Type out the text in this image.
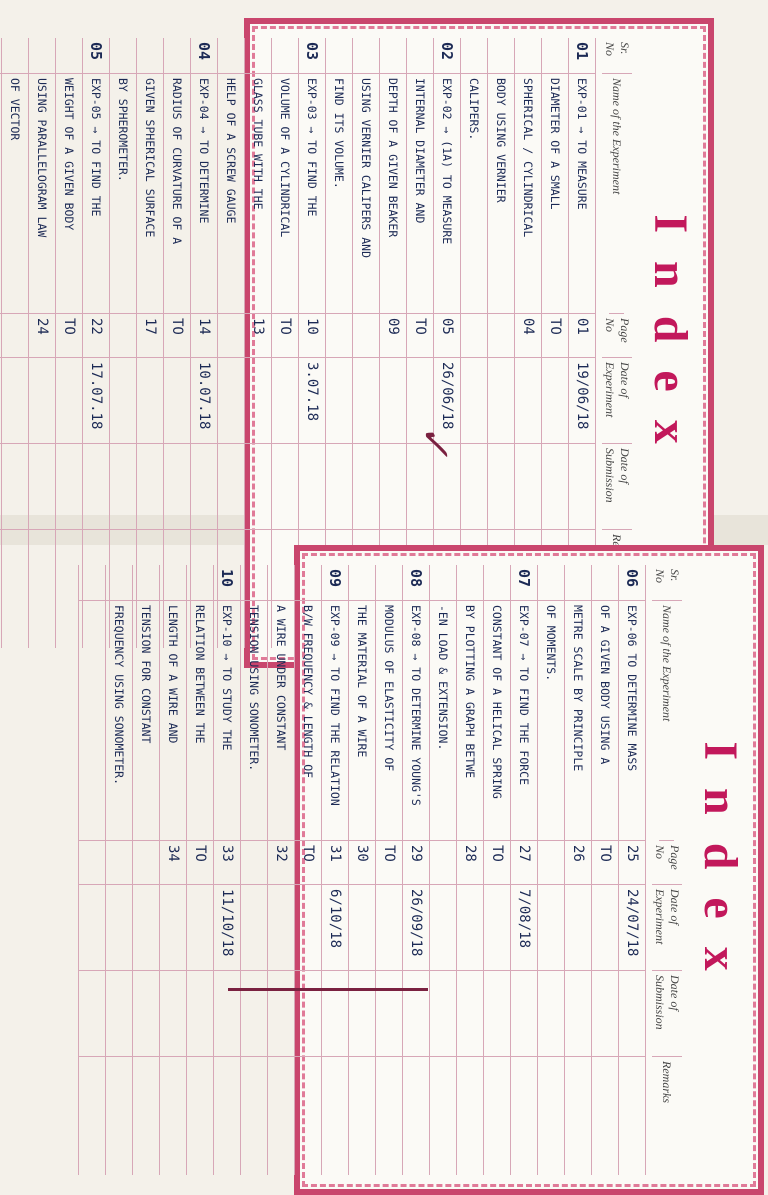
Index
Sr. No
Name of the Experiment
Page No
Date of Experiment
Date of Submission
01
EXP-01 → TO MEASURE
01
19/06/18
DIAMETER OF A SMALL
TO
SPHERICAL / CYLINDRICAL
04
BODY USING VERNIER
CALIPERS.
02
EXP-02 → (1A) TO MEASURE
05
26/06/18
INTERNAL DIAMETER AND
TO
DEPTH OF A GIVEN BEAKER
09
USING VERNIER CALIPERS AND
FIND ITS VOLUME.
03
EXP-03 → TO FIND THE
10
3.07.18
VOLUME OF A CYLINDRICAL
TO
GLASS TUBE WITH THE
13
HELP OF A SCREW GAUGE
04
EXP-04 → TO DETERMINE
14
10.07.18
RADIUS OF CURVATURE OF A
TO
GIVEN SPHERICAL SURFACE
17
BY SPHEROMETER.
05
EXP-05 → TO FIND THE
22
17.07.18
WEIGHT OF A GIVEN BODY
TO
USING PARALLELOGRAM LAW
24
OF VECTOR
✓
Index
Sr. No
Name of the Experiment
Page No
Date of Experiment
Date of Submission
Remarks
06
EXP-06 TO DETERMINE MASS
25
24/07/18
OF A GIVEN BODY USING A
TO
METRE SCALE BY PRINCIPLE
26
OF MOMENTS.
07
EXP-07 → TO FIND THE FORCE
27
7/08/18
CONSTANT OF A HELICAL SPRING
TO
BY PLOTTING A GRAPH BETWE
28
-EN LOAD & EXTENSION.
08
EXP-08 → TO DETERMINE YOUNG'S
29
26/09/18
MODULUS OF ELASTICITY OF
TO
THE MATERIAL OF A WIRE
30
09
EXP-09 → TO FIND THE RELATION
31
6/10/18
B/W FREQUENCY & LENGTH OF
TO
A WIRE UNDER CONSTANT
32
TENSION USING SONOMETER.
10
EXP-10 → TO STUDY THE
33
11/10/18
RELATION BETWEEN THE
TO
LENGTH OF A WIRE AND
34
TENSION FOR CONSTANT
FREQUENCY USING SONOMETER.
